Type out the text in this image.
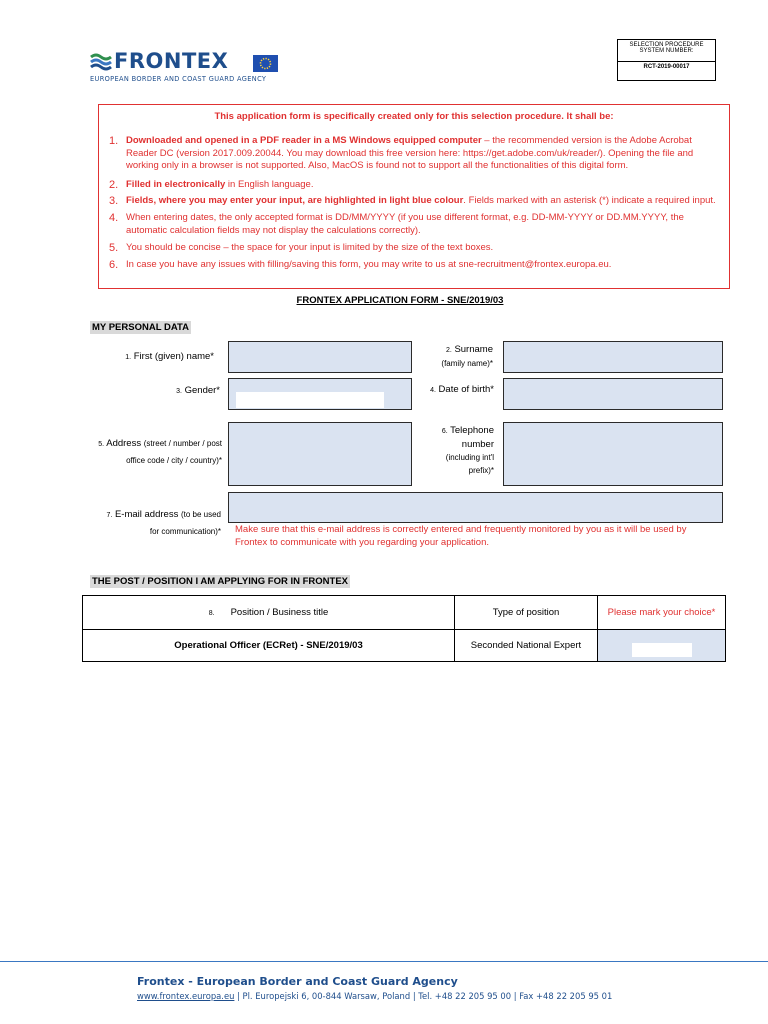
FRONTEX
EUROPEAN BORDER AND COAST GUARD AGENCY
SELECTION PROCEDURE
SYSTEM NUMBER:
RCT-2019-00017
This application form is specifically created only for this selection procedure. It shall be:
1. Downloaded and opened in a PDF reader in a MS Windows equipped computer – the recommended version is the Adobe Acrobat Reader DC (version 2017.009.20044. You may download this free version here: https://get.adobe.com/uk/reader/). Opening the file and working only in a browser is not supported. Also, MacOS is found not to support all the functionalities of this digital form.
2. Filled in electronically in English language.
3. Fields, where you may enter your input, are highlighted in light blue colour. Fields marked with an asterisk (*) indicate a required input.
4. When entering dates, the only accepted format is DD/MM/YYYY (if you use different format, e.g. DD-MM-YYYY or DD.MM.YYYY, the automatic calculation fields may not display the calculations correctly).
5. You should be concise – the space for your input is limited by the size of the text boxes.
6. In case you have any issues with filling/saving this form, you may write to us at sne-recruitment@frontex.europa.eu.
FRONTEX APPLICATION FORM - SNE/2019/03
MY PERSONAL DATA
1. First (given) name*
2. Surname
(family name)*
3. Gender*	4. Date of birth*
5. Address (street / number / post
office code / city / country)*
6. Telephone
number
(including int'l
prefix)*
7. E-mail address (to be used
for communication)* Make sure that this e-mail address is correctly entered and frequently monitored by you as it will be used by Frontex to communicate with you regarding your application.
THE POST / POSITION I AM APPLYING FOR IN FRONTEX
8. Position / Business title	Type of position	Please mark your choice*
Operational Officer (ECRet) - SNE/2019/03	Seconded National Expert	
Frontex - European Border and Coast Guard Agency
www.frontex.europa.eu | Pl. Europejski 6, 00-844 Warsaw, Poland | Tel. +48 22 205 95 00 | Fax +48 22 205 95 01
